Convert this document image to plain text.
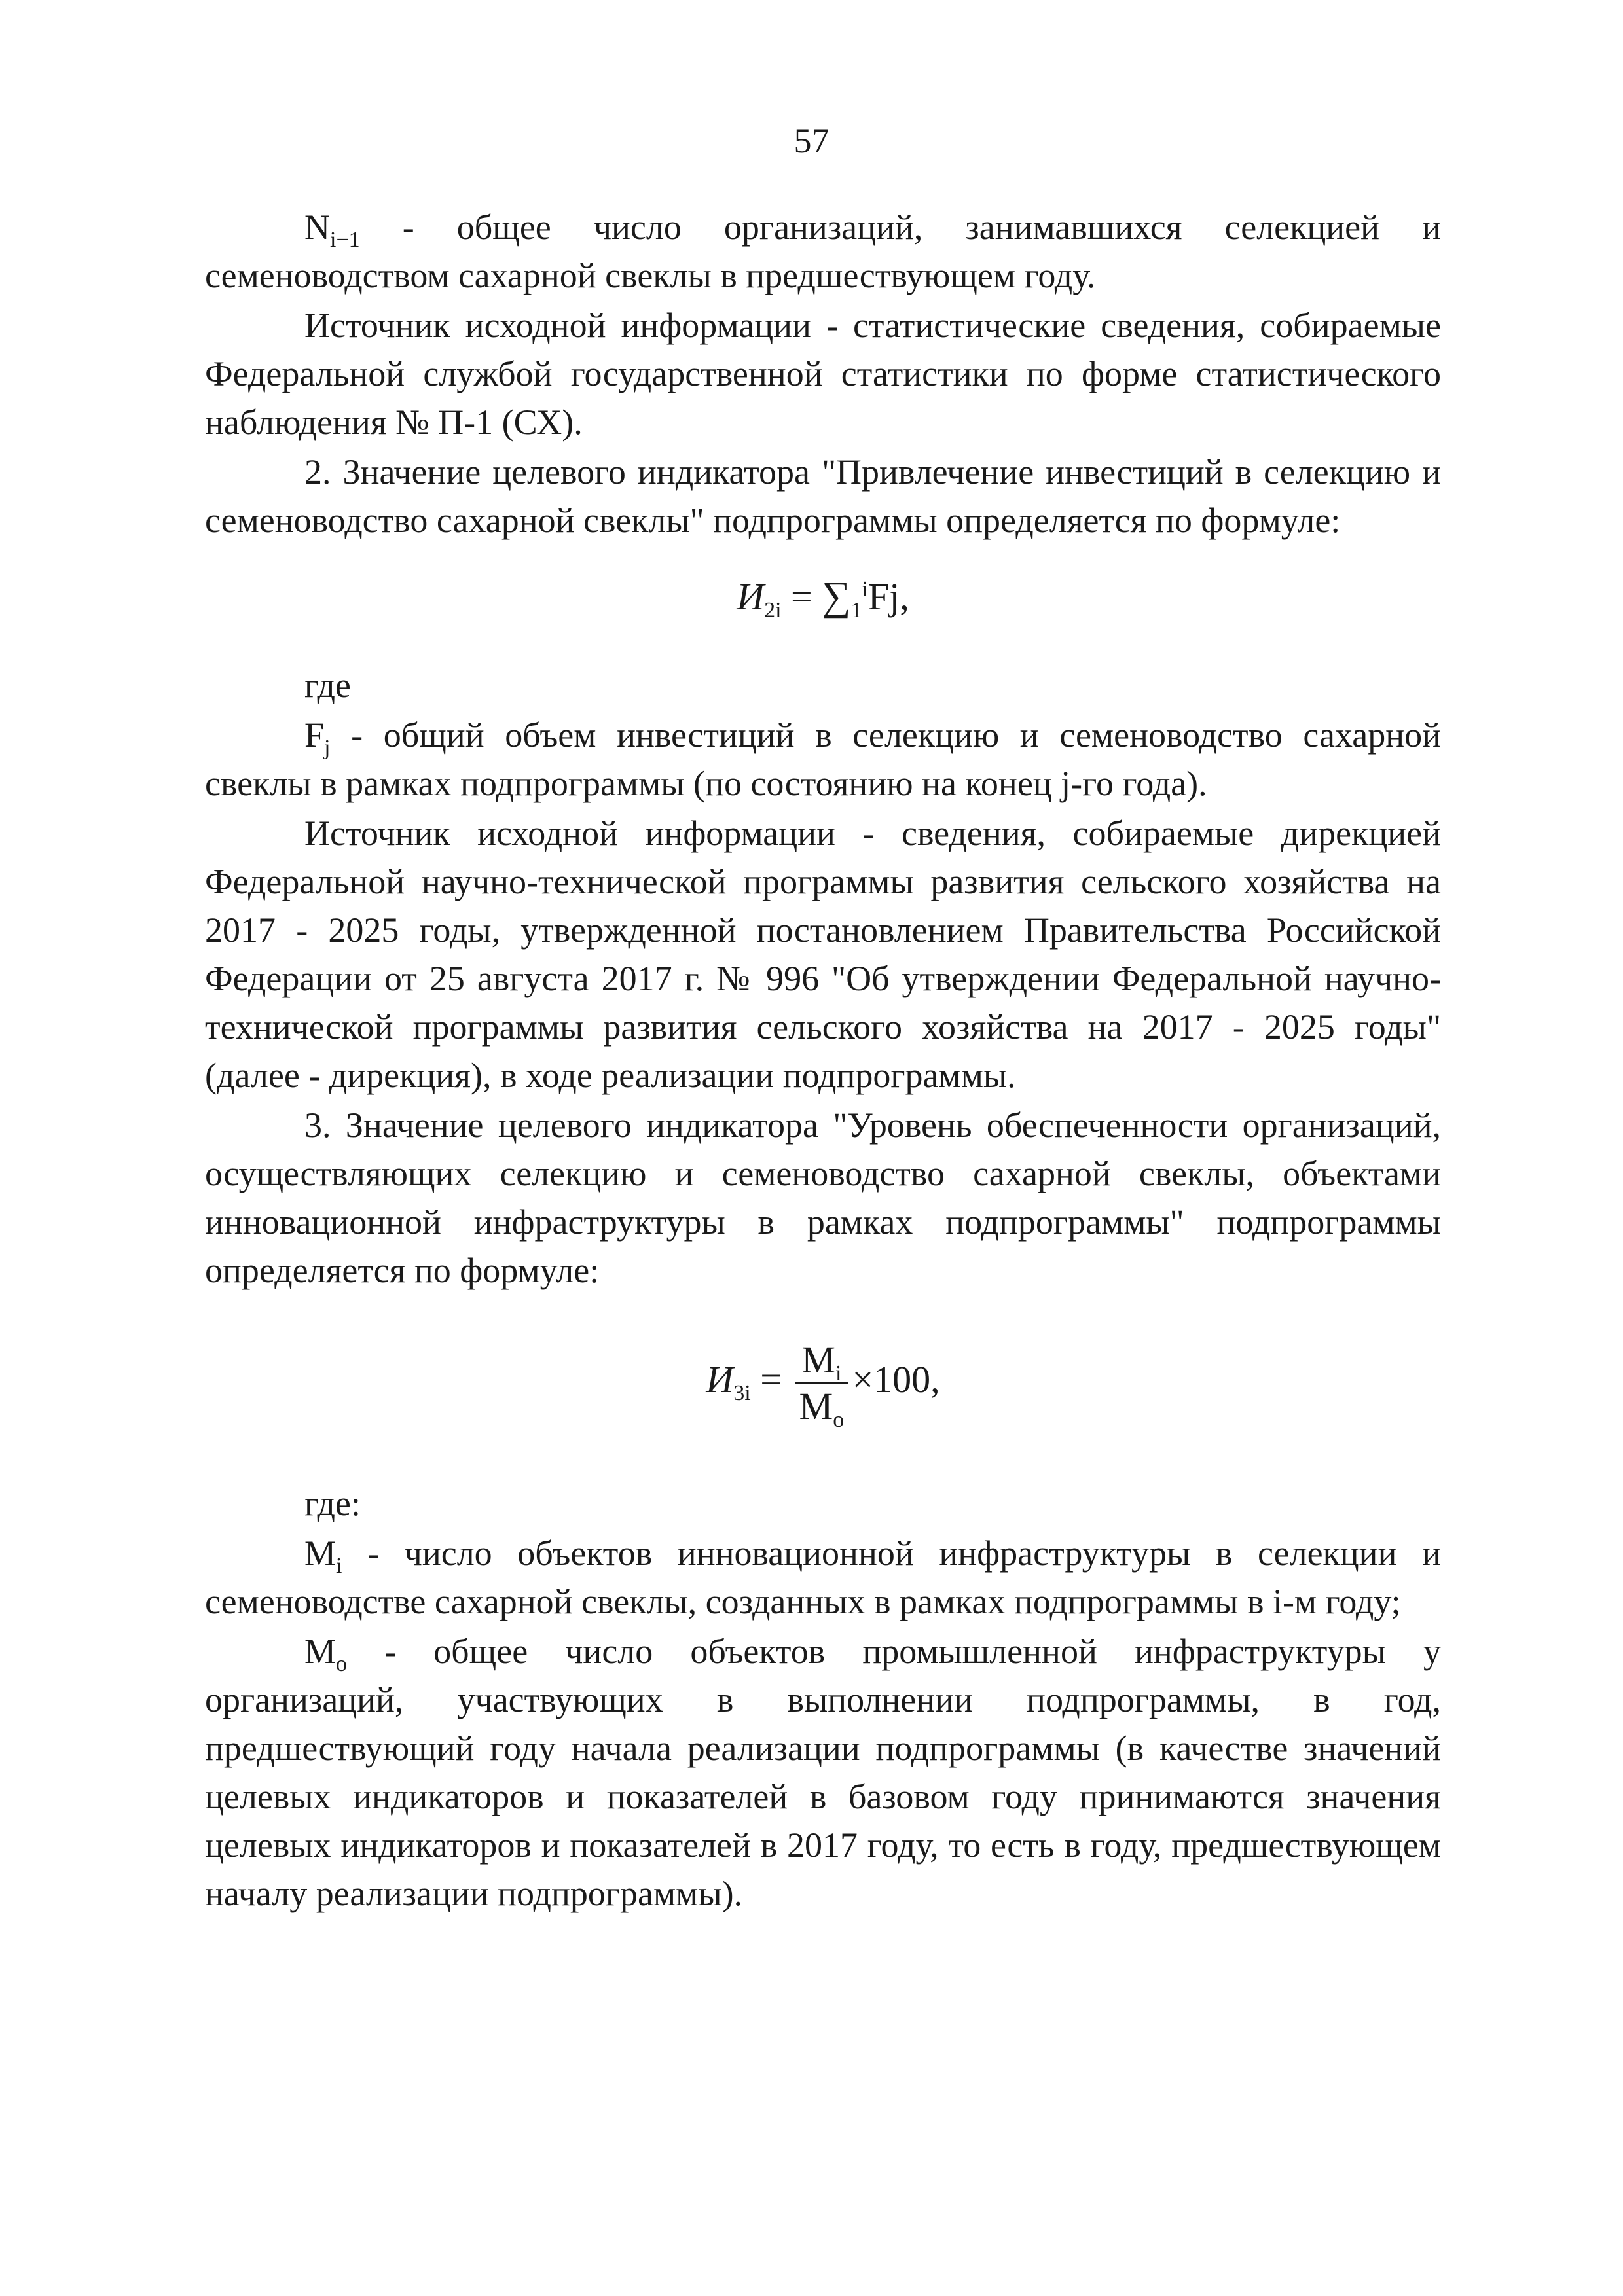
57

$N_{i-1}$ - общее число организаций, занимавшихся селекцией и семеноводством сахарной свеклы в предшествующем году.

Источник исходной информации - статистические сведения, собираемые Федеральной службой государственной статистики по форме статистического наблюдения № П-1 (СХ).

2. Значение целевого индикатора "Привлечение инвестиций в селекцию и семеноводство сахарной свеклы" подпрограммы определяется по формуле:

$И_{2i} = \sum_1^iFj$,

где

$F_j$ - общий объем инвестиций в селекцию и семеноводство сахарной свеклы в рамках подпрограммы (по состоянию на конец j-го года).

Источник исходной информации - сведения, собираемые дирекцией Федеральной научно-технической программы развития сельского хозяйства на 2017 - 2025 годы, утвержденной постановлением Правительства Российской Федерации от 25 августа 2017 г. № 996 "Об утверждении Федеральной научно-технической программы развития сельского хозяйства на 2017 - 2025 годы" (далее - дирекция), в ходе реализации подпрограммы.

3. Значение целевого индикатора "Уровень обеспеченности организаций, осуществляющих селекцию и семеноводство сахарной свеклы, объектами инновационной инфраструктуры в рамках подпрограммы" подпрограммы определяется по формуле:

$И_{3i} = \frac{M_i}{M_o} \times 100$,

где:

$M_i$ - число объектов инновационной инфраструктуры в селекции и семеноводстве сахарной свеклы, созданных в рамках подпрограммы в i-м году;

$M_o$ - общее число объектов промышленной инфраструктуры у организаций, участвующих в выполнении подпрограммы, в год, предшествующий году начала реализации подпрограммы (в качестве значений целевых индикаторов и показателей в базовом году принимаются значения целевых индикаторов и показателей в 2017 году, то есть в году, предшествующем началу реализации подпрограммы).
